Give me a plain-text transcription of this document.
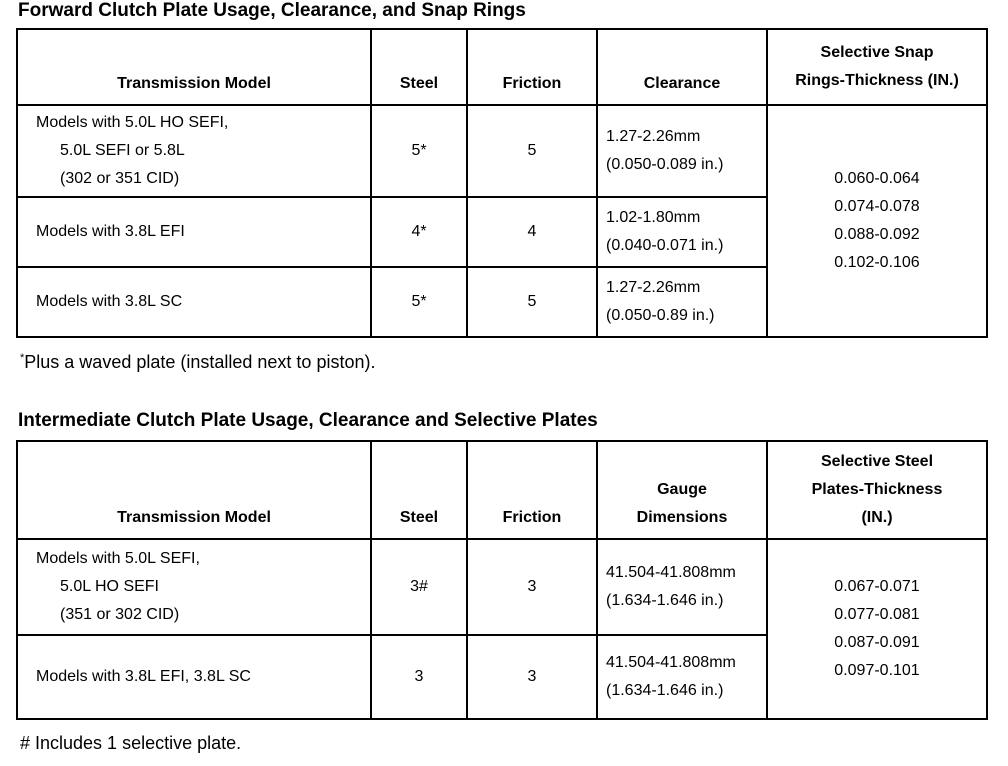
Forward Clutch Plate Usage, Clearance, and Snap Rings
Transmission Model	Steel	Friction	Clearance	Selective Snap
Rings-Thickness (IN.)

Models with 5.0L HO SEFI,
5.0L SEFI or 5.8L
(302 or 351 CID)	5*	5	1.27-2.26mm
(0.050-0.089 in.)	0.060-0.064
0.074-0.078
0.088-0.092
0.102-0.106

Models with 3.8L EFI	4*	4	1.02-1.80mm
(0.040-0.071 in.)	

Models with 3.8L SC	5*	5	1.27-2.26mm
(0.050-0.89 in.)	
*Plus a waved plate (installed next to piston).
Intermediate Clutch Plate Usage, Clearance and Selective Plates
Transmission Model	Steel	Friction	Gauge
Dimensions	Selective Steel
Plates-Thickness
(IN.)

Models with 5.0L SEFI,
5.0L HO SEFI
(351 or 302 CID)	3#	3	41.504-41.808mm
(1.634-1.646 in.)	0.067-0.071
0.077-0.081
0.087-0.091
0.097-0.101

Models with 3.8L EFI, 3.8L SC	3	3	41.504-41.808mm
(1.634-1.646 in.)	
# Includes 1 selective plate.
